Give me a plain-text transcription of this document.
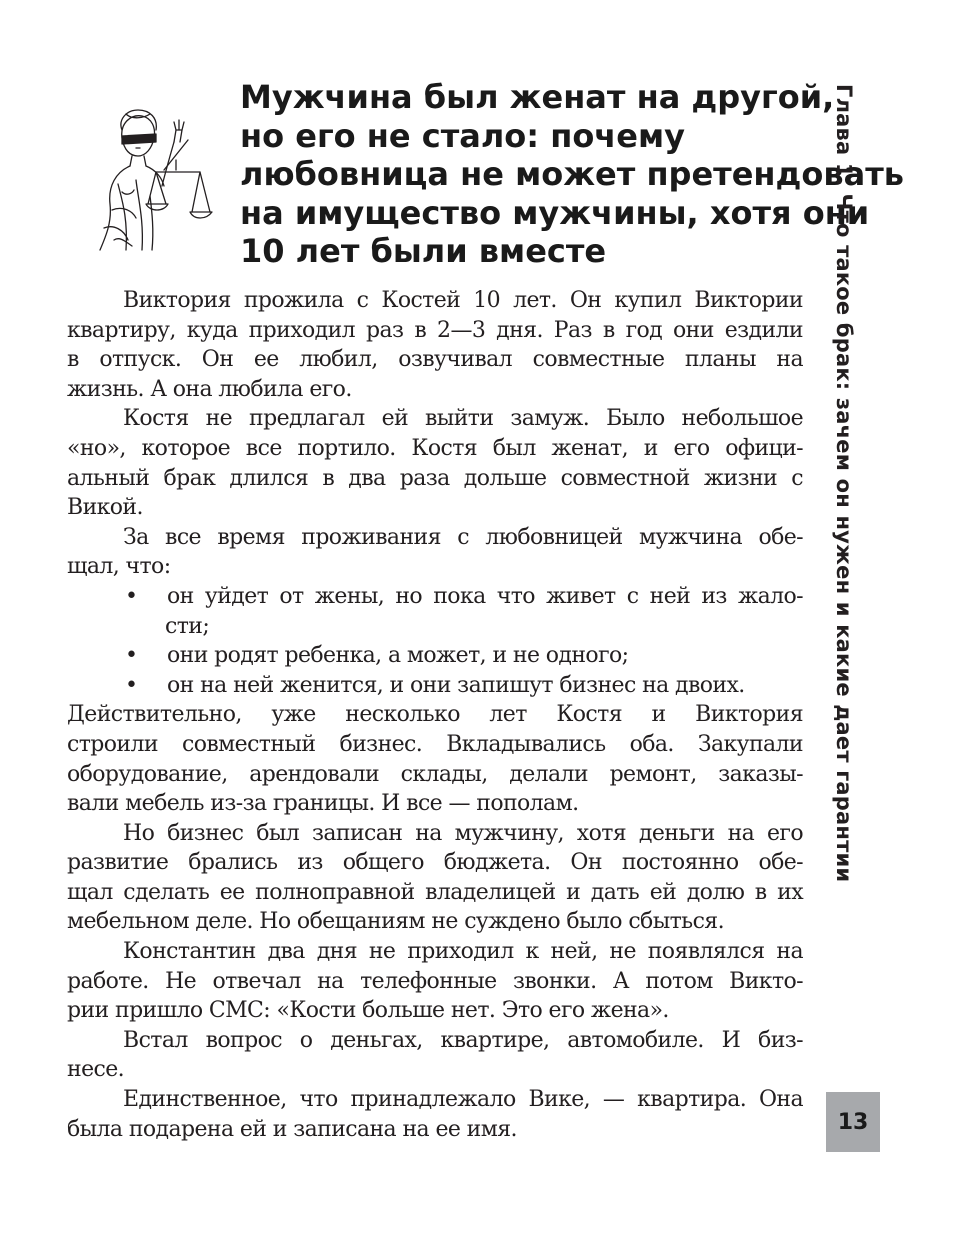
Мужчина был женат на другой,
но его не стало: почему
любовница не может претендовать
на имущество мужчины, хотя они
10 лет были вместе	Глава 1. Что такое брак: зачем он нужен и какие дает гарантии
13
Виктория прожила с Костей 10 лет. Он купил Виктории
квартиру, куда приходил раз в 2—3 дня. Раз в год они ездили
в отпуск. Он ее любил, озвучивал совместные планы на
жизнь. А она любила его.
Костя не предлагал ей выйти замуж. Было небольшое
«но», которое все портило. Костя был женат, и его офици-
альный брак длился в два раза дольше совместной жизни с
Викой.
За все время проживания с любовницей мужчина обе-
щал, что:
•	он уйдет от жены, но пока что живет с ней из жало-
сти;
•	они родят ребенка, а может, и не одного;
•	он на ней женится, и они запишут бизнес на двоих.
Действительно, уже несколько лет Костя и Виктория
строили совместный бизнес. Вкладывались оба. Закупали
оборудование, арендовали склады, делали ремонт, заказы-
вали мебель из-за границы. И все — пополам.
Но бизнес был записан на мужчину, хотя деньги на его
развитие брались из общего бюджета. Он постоянно обе-
щал сделать ее полноправной владелицей и дать ей долю в их
мебельном деле. Но обещаниям не суждено было сбыться.
Константин два дня не приходил к ней, не появлялся на
работе. Не отвечал на телефонные звонки. А потом Викто-
рии пришло СМС: «Кости больше нет. Это его жена».
Встал вопрос о деньгах, квартире, автомобиле. И биз-
несе.
Единственное, что принадлежало Вике, — квартира. Она
была подарена ей и записана на ее имя.
